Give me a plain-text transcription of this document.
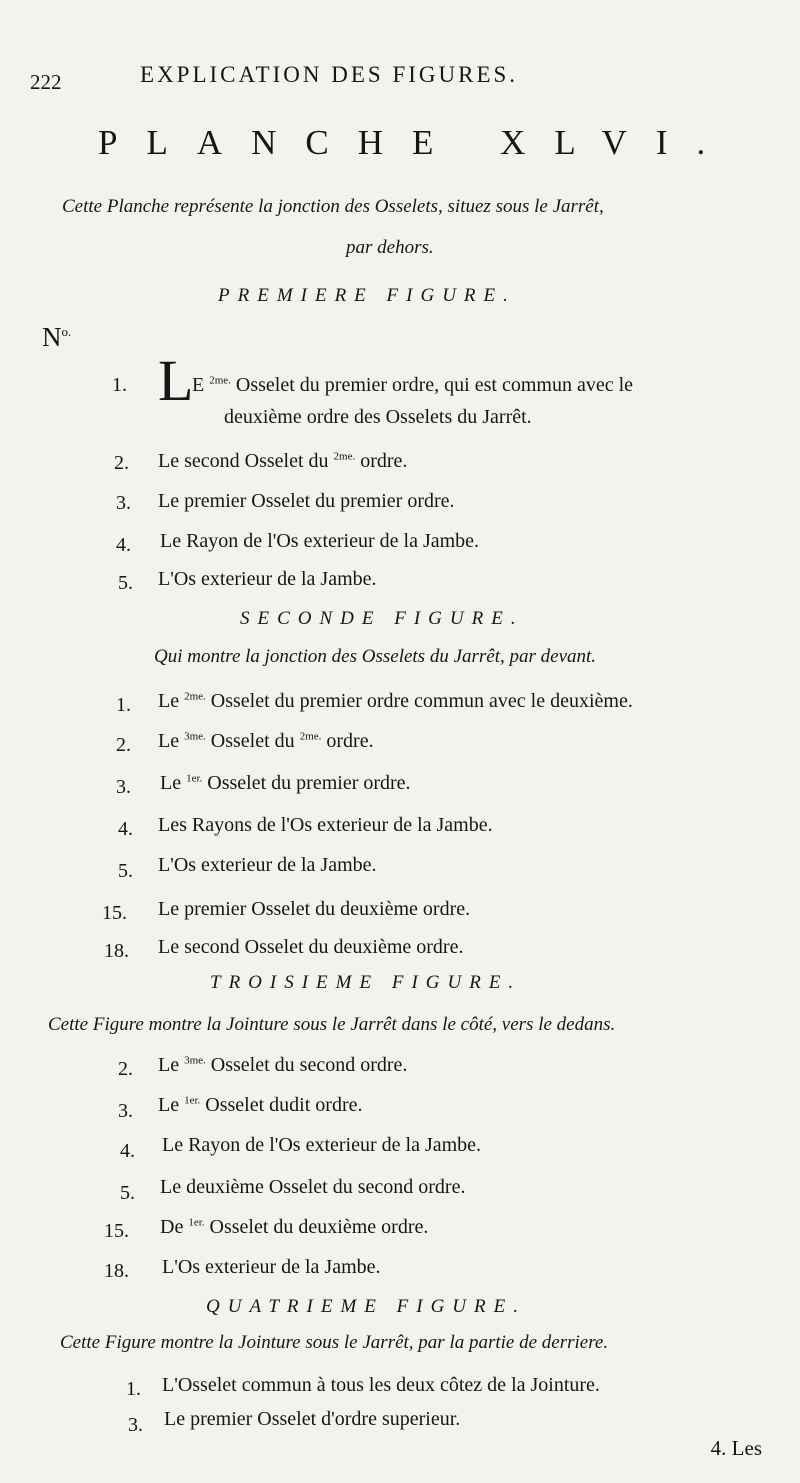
222	EXPLICATION DES FIGURES.
PLANCHE XLVI.
Cette Planche représente la jonction des Osselets, situez sous le Jarrêt,
par dehors.
PREMIERE FIGURE.
$N^{o.}$
1. L
E $^{2me.}$ Osselet du premier ordre, qui est commun avec le
deuxième ordre des Osselets du Jarrêt.
2. Le second Osselet du $^{2me.}$ ordre.
3. Le premier Osselet du premier ordre.
4. Le Rayon de l'Os exterieur de la Jambe.
5. L'Os exterieur de la Jambe.
SECONDE FIGURE.
Qui montre la jonction des Osselets du Jarrêt, par devant.
1. Le $^{2me.}$ Osselet du premier ordre commun avec le deuxième.
2. Le $^{3me.}$ Osselet du $^{2me.}$ ordre.
3. Le $^{1er.}$ Osselet du premier ordre.
4. Les Rayons de l'Os exterieur de la Jambe.
5. L'Os exterieur de la Jambe.
15. Le premier Osselet du deuxième ordre.
18. Le second Osselet du deuxième ordre.
TROISIEME FIGURE.
Cette Figure montre la Jointure sous le Jarrêt dans le côté, vers le dedans.
2. Le $^{3me.}$ Osselet du second ordre.
3. Le $^{1er.}$ Osselet dudit ordre.
4. Le Rayon de l'Os exterieur de la Jambe.
5. Le deuxième Osselet du second ordre.
15. De $^{1er.}$ Osselet du deuxième ordre.
18. L'Os exterieur de la Jambe.
QUATRIEME FIGURE.
Cette Figure montre la Jointure sous le Jarrêt, par la partie de derriere.
1. L'Osselet commun à tous les deux côtez de la Jointure.
3. Le premier Osselet d'ordre superieur.
4. Les
